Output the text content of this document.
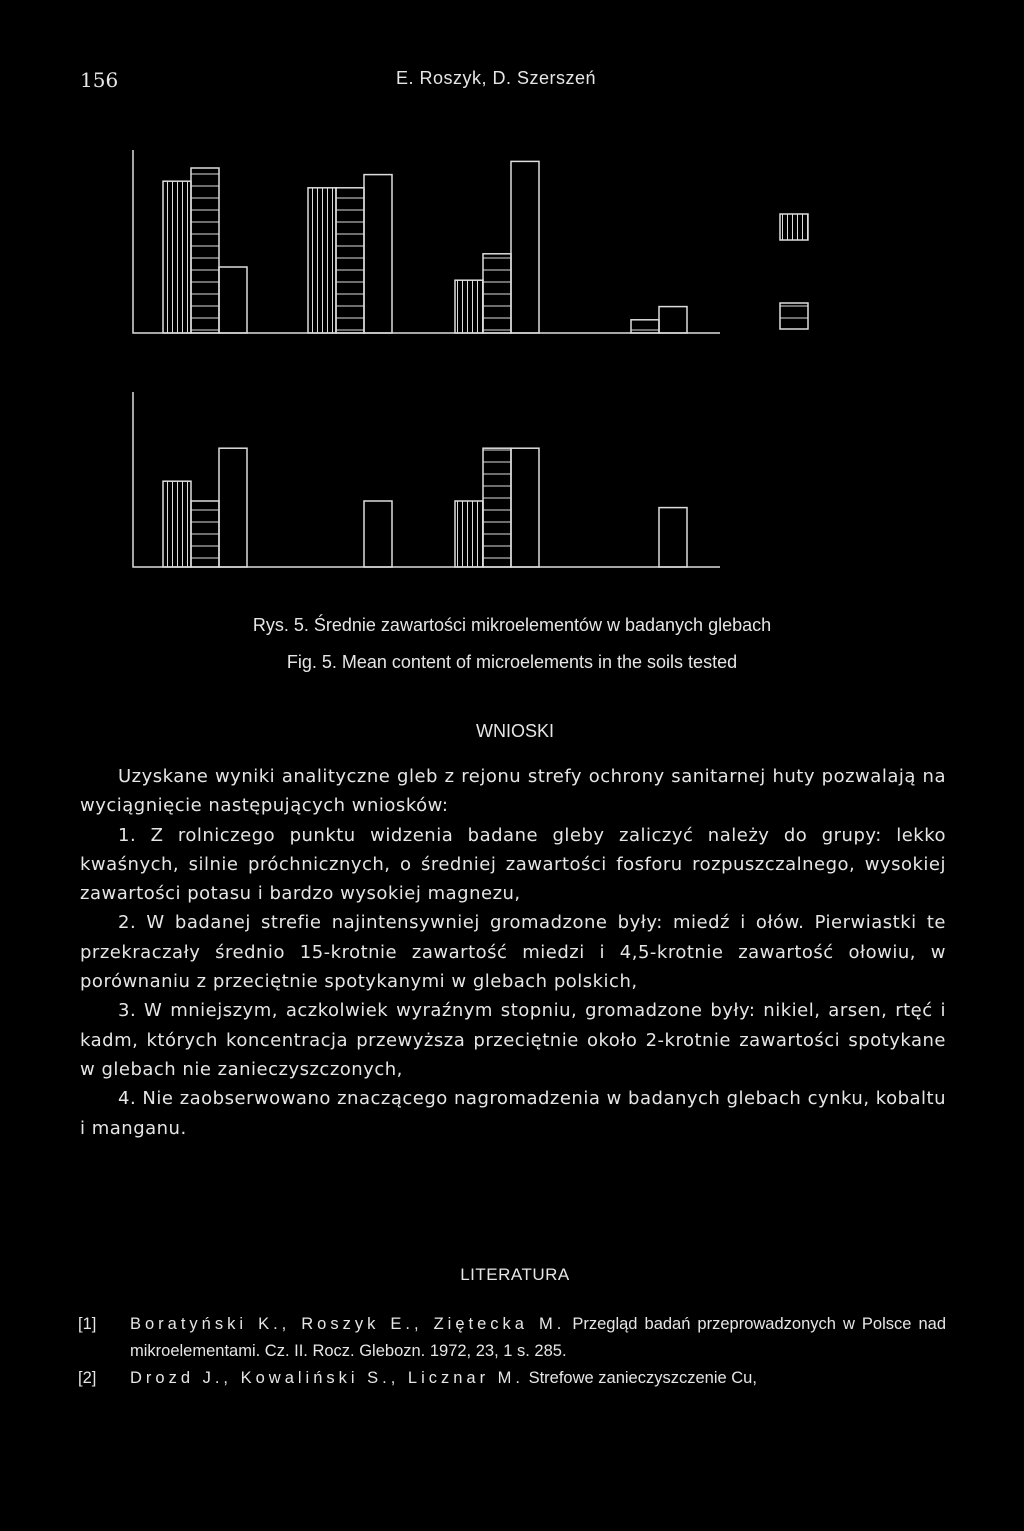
156	E. Roszyk, D. Szerszeń
Rys. 5. Średnie zawartości mikroelementów w badanych glebach
Fig. 5. Mean content of microelements in the soils tested
WNIOSKI

Uzyskane wyniki analityczne gleb z rejonu strefy ochrony sanitarnej huty pozwalają na wyciągnięcie następujących wniosków:

1. Z rolniczego punktu widzenia badane gleby zaliczyć należy do grupy: lekko kwaśnych, silnie próchnicznych, o średniej zawartości fosforu rozpuszczalnego, wysokiej zawartości potasu i bardzo wysokiej magnezu,

2. W badanej strefie najintensywniej gromadzone były: miedź i ołów. Pierwiastki te przekraczały średnio 15-krotnie zawartość miedzi i 4,5-krotnie zawartość ołowiu, w porównaniu z przeciętnie spotykanymi w glebach polskich,

3. W mniejszym, aczkolwiek wyraźnym stopniu, gromadzone były: nikiel, arsen, rtęć i kadm, których koncentracja przewyższa przeciętnie około 2-krotnie zawartości spotykane w glebach nie zanieczyszczonych,

4. Nie zaobserwowano znaczącego nagromadzenia w badanych glebach cynku, kobaltu i manganu.

LITERATURA
[1] Boratyński K., Roszyk E., Ziętecka M. Przegląd badań przeprowadzonych w Polsce nad mikroelementami. Cz. II. Rocz. Glebozn. 1972, 23, 1 s. 285.
[2] Drozd J., Kowaliński S., Licznar M. Strefowe zanieczyszczenie Cu,
